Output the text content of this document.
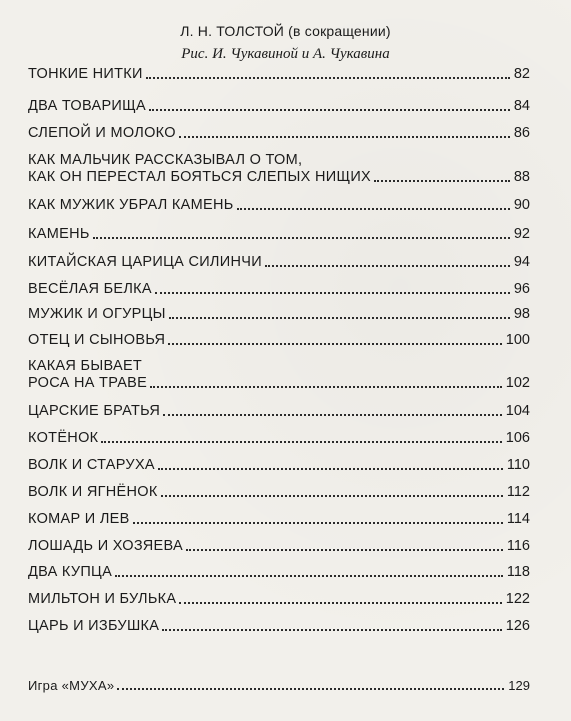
Л. Н. ТОЛСТОЙ (в сокращении)
Рис. И. Чукавиной и А. Чукавина
ТОНКИЕ НИТКИ	82
ДВА ТОВАРИЩА	84
СЛЕПОЙ И МОЛОКО	86
КАК МАЛЬЧИК РАССКАЗЫВАЛ О ТОМ,
КАК ОН ПЕРЕСТАЛ БОЯТЬСЯ СЛЕПЫХ НИЩИХ	88
КАК МУЖИК УБРАЛ КАМЕНЬ	90
КАМЕНЬ	92
КИТАЙСКАЯ ЦАРИЦА СИЛИНЧИ	94
ВЕСЁЛАЯ БЕЛКА	96
МУЖИК И ОГУРЦЫ	98
ОТЕЦ И СЫНОВЬЯ	100
КАКАЯ БЫВАЕТ
РОСА НА ТРАВЕ	102
ЦАРСКИЕ БРАТЬЯ	104
КОТЁНОК	106
ВОЛК И СТАРУХА	110
ВОЛК И ЯГНЁНОК	112
КОМАР И ЛЕВ	114
ЛОШАДЬ И ХОЗЯЕВА	116
ДВА КУПЦА	118
МИЛЬТОН И БУЛЬКА	122
ЦАРЬ И ИЗБУШКА	126
Игра «МУХА»	129
